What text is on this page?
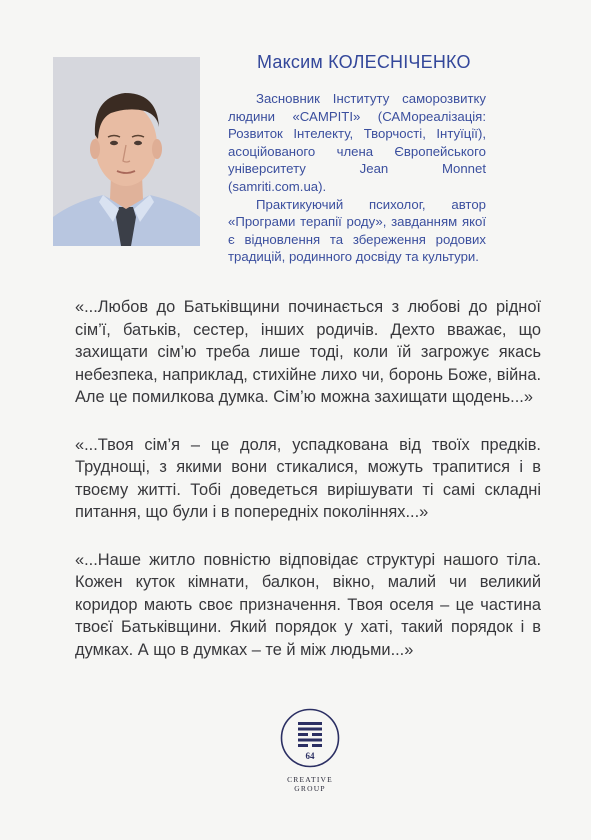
Максим КОЛЕСНІЧЕНКО

Засновник Інституту саморозвитку людини «САМРІТІ» (САМореалізація: Розвиток Інтелекту, Творчості, Інтуїції), асоційованого члена Європейського університету Jean Monnet (samriti.com.ua).

Практикуючий психолог, автор «Програми терапії роду», завданням якої є відновлення та збереження родових традицій, родинного досвіду та культури.

«...Любов до Батьківщини починається з любові до рідної сім’ї, батьків, сестер, інших родичів. Дехто вважає, що захищати сім’ю треба лише тоді, коли їй загрожує якась небезпека, наприклад, стихійне лихо чи, боронь Боже, війна. Але це помилкова думка. Сім’ю можна захищати щодень...»

«...Твоя сім’я – це доля, успадкована від твоїх предків. Труднощі, з якими вони стикалися, можуть трапитися і в твоєму житті. Тобі доведеться вирішувати ті самі складні питання, що були і в попередніх поколіннях...»

«...Наше житло повністю відповідає структурі нашого тіла. Кожен куток кімнати, балкон, вікно, малий чи великий коридор мають своє призначення. Твоя оселя – це частина твоєї Батьківщини. Який порядок у хаті, такий порядок і в думках. А що в думках – те й між людьми...»

64
CREATIVE GROUP
